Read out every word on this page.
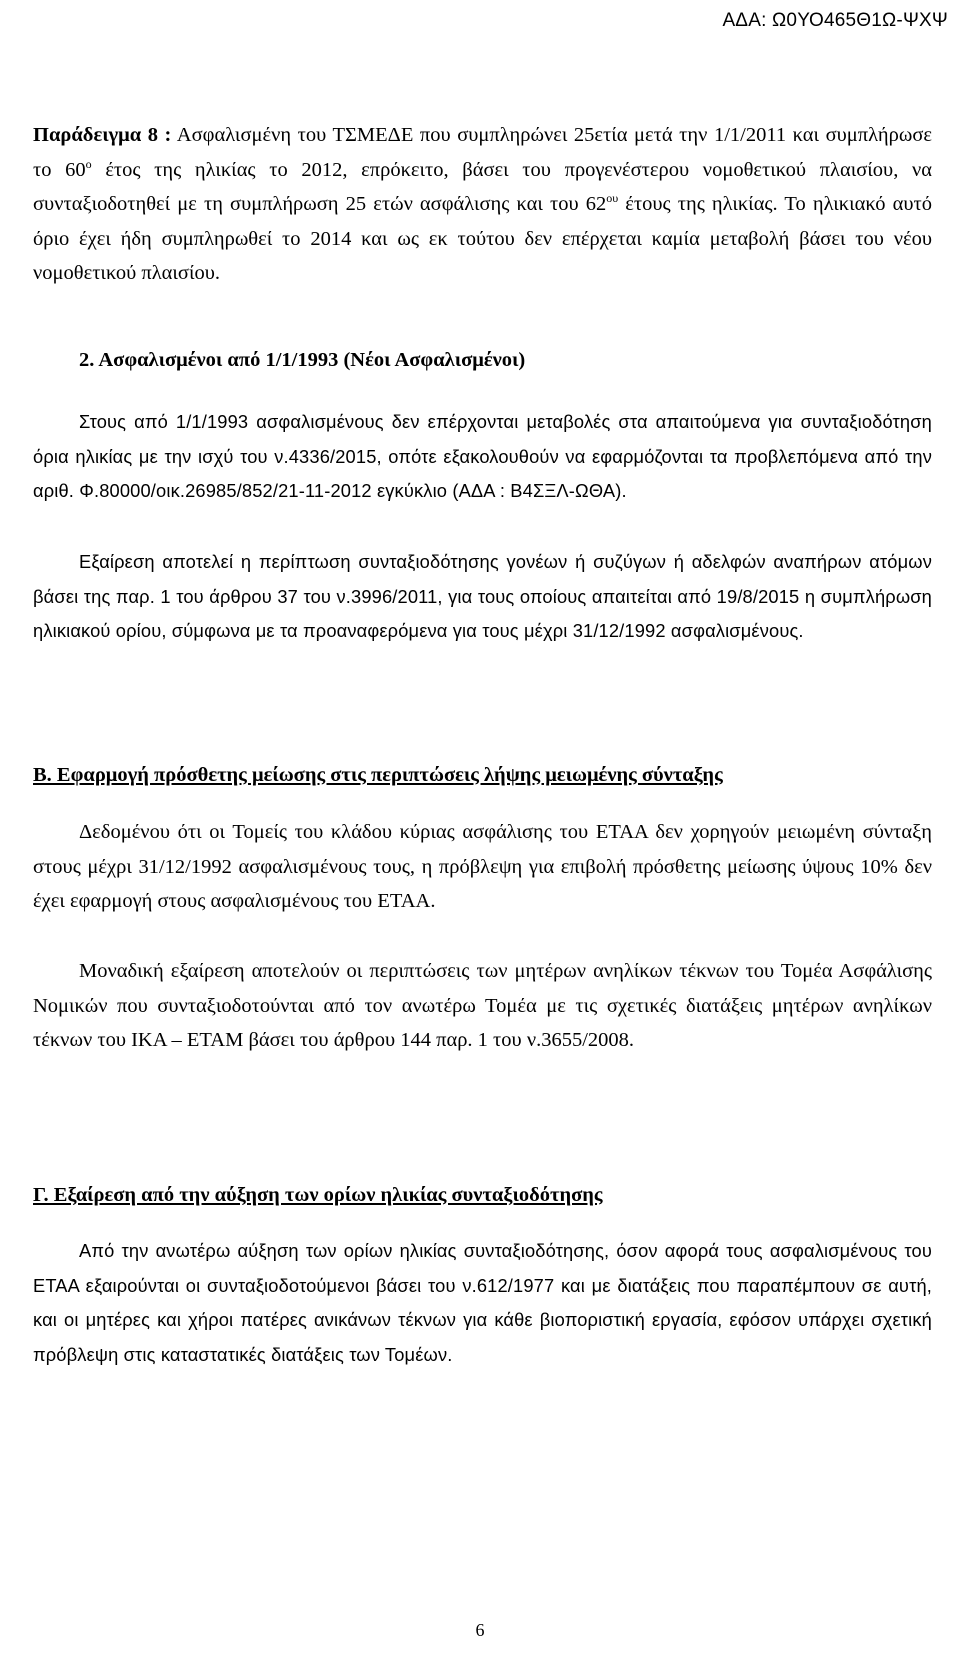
ΑΔΑ: Ω0ΥΟ465Θ1Ω-ΨΧΨ

Παράδειγμα 8 : Ασφαλισμένη του ΤΣΜΕΔΕ που συμπληρώνει 25ετία μετά την 1/1/2011 και συμπλήρωσε το $60^o$ έτος της ηλικίας το 2012, επρόκειτο, βάσει του προγενέστερου νομοθετικού πλαισίου, να συνταξιοδοτηθεί με τη συμπλήρωση 25 ετών ασφάλισης και του $62^{o\upsilon}$ έτους της ηλικίας. Το ηλικιακό αυτό όριο έχει ήδη συμπληρωθεί το 2014 και ως εκ τούτου δεν επέρχεται καμία μεταβολή βάσει του νέου νομοθετικού πλαισίου.

2. Ασφαλισμένοι από 1/1/1993 (Νέοι Ασφαλισμένοι)

Στους από 1/1/1993 ασφαλισμένους δεν επέρχονται μεταβολές στα απαιτούμενα για συνταξιοδότηση όρια ηλικίας με την ισχύ του ν.4336/2015, οπότε εξακολουθούν να εφαρμόζονται τα προβλεπόμενα από την αριθ. Φ.80000/οικ.26985/852/21-11-2012 εγκύκλιο (ΑΔΑ : Β4ΣΞΛ-ΩΘΑ).

Εξαίρεση αποτελεί η περίπτωση συνταξιοδότησης γονέων ή συζύγων ή αδελφών αναπήρων ατόμων βάσει της παρ. 1 του άρθρου 37 του ν.3996/2011, για τους οποίους απαιτείται από 19/8/2015 η συμπλήρωση ηλικιακού ορίου, σύμφωνα με τα προαναφερόμενα για τους μέχρι 31/12/1992 ασφαλισμένους.

Β. Εφαρμογή πρόσθετης μείωσης στις περιπτώσεις λήψης μειωμένης σύνταξης

Δεδομένου ότι οι Τομείς του κλάδου κύριας ασφάλισης του ΕΤΑΑ δεν χορηγούν μειωμένη σύνταξη στους μέχρι 31/12/1992 ασφαλισμένους τους, η πρόβλεψη για επιβολή πρόσθετης μείωσης ύψους 10% δεν έχει εφαρμογή στους ασφαλισμένους του ΕΤΑΑ.

Μοναδική εξαίρεση αποτελούν οι περιπτώσεις των μητέρων ανηλίκων τέκνων του Τομέα Ασφάλισης Νομικών που συνταξιοδοτούνται από τον ανωτέρω Τομέα με τις σχετικές διατάξεις μητέρων ανηλίκων τέκνων του ΙΚΑ – ΕΤΑΜ βάσει του άρθρου 144 παρ. 1 του ν.3655/2008.

Γ. Εξαίρεση από την αύξηση των ορίων ηλικίας συνταξιοδότησης

Από την ανωτέρω αύξηση των ορίων ηλικίας συνταξιοδότησης, όσον αφορά τους ασφαλισμένους του ΕΤΑΑ εξαιρούνται οι συνταξιοδοτούμενοι βάσει του ν.612/1977 και με διατάξεις που παραπέμπουν σε αυτή, και οι μητέρες και χήροι πατέρες ανικάνων τέκνων για κάθε βιοποριστική εργασία, εφόσον υπάρχει σχετική πρόβλεψη στις καταστατικές διατάξεις των Τομέων.

6
